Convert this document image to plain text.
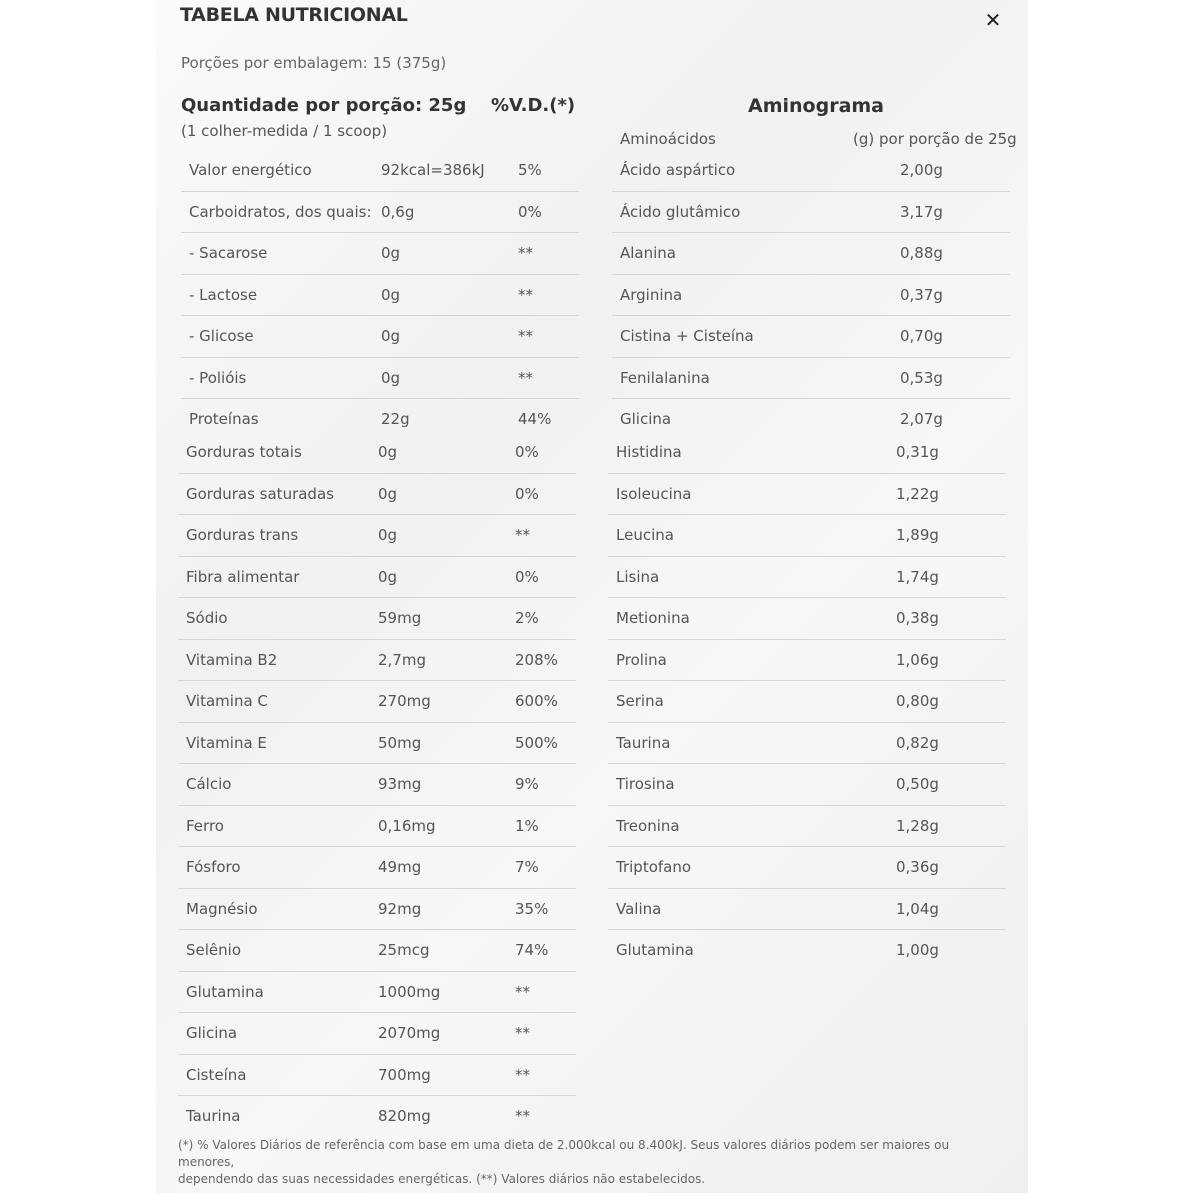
TABELA NUTRICIONAL	✕
Porções por embalagem: 15 (375g)
Quantidade por porção: 25g %V.D.(*)
(1 colher-medida / 1 scoop)
Aminograma
Aminoácidos	(g) por porção de 25g
Valor energético	92kcal=386kJ 5%
Carboidratos, dos quais: 0,6g	0%
- Sacarose	0g	**
- Lactose	0g	**
- Glicose	0g	**
- Polióis	0g	**
Proteínas	22g	44%
Gorduras totais	0g	0%
Gorduras saturadas	0g	0%
Gorduras trans	0g	**
Fibra alimentar	0g	0%
Sódio	59mg	2%
Vitamina B2	2,7mg	208%
Vitamina C	270mg	600%
Vitamina E	50mg	500%
Cálcio	93mg	9%
Ferro	0,16mg	1%
Fósforo	49mg	7%
Magnésio	92mg	35%
Selênio	25mcg	74%
Glutamina	1000mg	**
Glicina	2070mg	**
Cisteína	700mg	**
Taurina	820mg	**
Ácido aspártico	2,00g
Ácido glutâmico	3,17g
Alanina	0,88g
Arginina	0,37g
Cistina + Cisteína	0,70g
Fenilalanina	0,53g
Glicina	2,07g
Histidina	0,31g
Isoleucina	1,22g
Leucina	1,89g
Lisina	1,74g
Metionina	0,38g
Prolina	1,06g
Serina	0,80g
Taurina	0,82g
Tirosina	0,50g
Treonina	1,28g
Triptofano	0,36g
Valina	1,04g
Glutamina	1,00g
(*) % Valores Diários de referência com base em uma dieta de 2.000kcal ou 8.400kJ. Seus valores diários podem ser maiores ou menores,
dependendo das suas necessidades energéticas. (**) Valores diários não estabelecidos.
